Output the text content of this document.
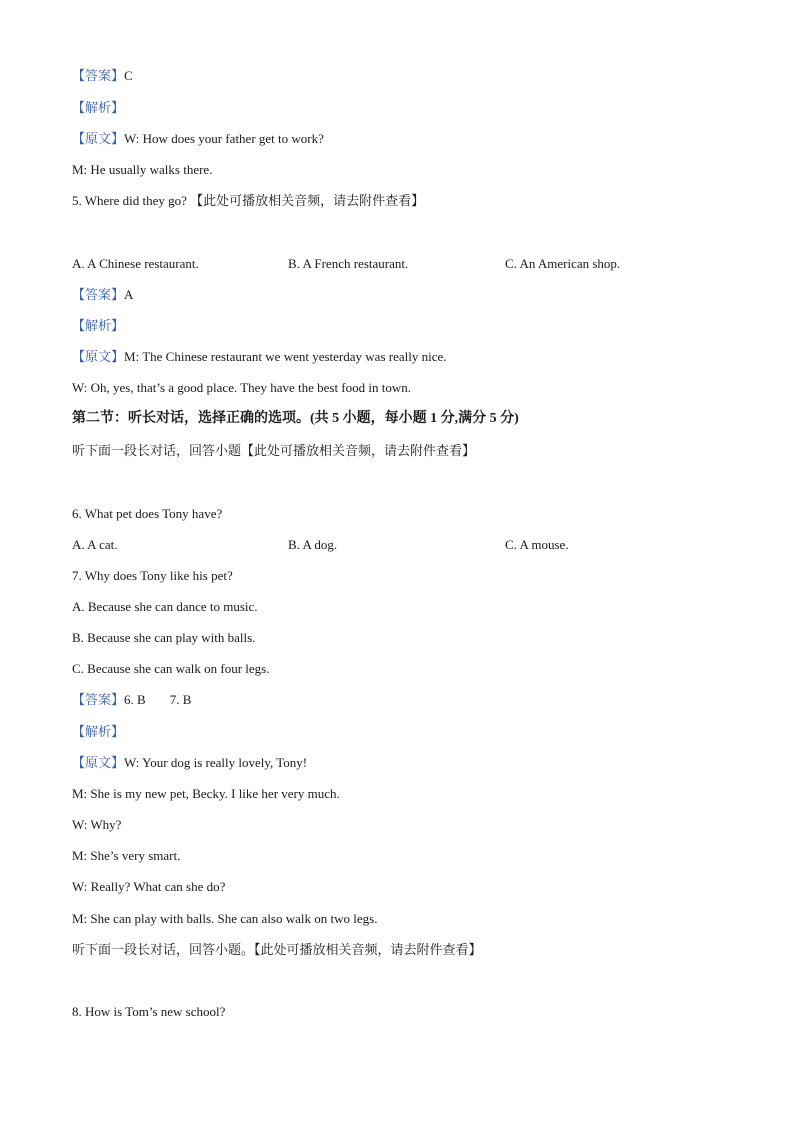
【答案】C
【解析】
【原文】W: How does your father get to work?
M: He usually walks there.
5. Where did they go? 【此处可播放相关音频，请去附件查看】
A. A Chinese restaurant.	B. A French restaurant.	C. An American shop.
【答案】A
【解析】
【原文】M: The Chinese restaurant we went yesterday was really nice.
W: Oh, yes, that’s a good place. They have the best food in town.
第二节：听长对话，选择正确的选项。(共 5 小题，每小题 1 分,满分 5 分)
听下面一段长对话，回答小题【此处可播放相关音频，请去附件查看】
6. What pet does Tony have?
A. A cat.	B. A dog.	C. A mouse.
7. Why does Tony like his pet?
A. Because she can dance to music.
B. Because she can play with balls.
C. Because she can walk on four legs.
【答案】6. B 7. B
【解析】
【原文】W: Your dog is really lovely, Tony!
M: She is my new pet, Becky. I like her very much.
W: Why?
M: She’s very smart.
W: Really? What can she do?
M: She can play with balls. She can also walk on two legs.
听下面一段长对话，回答小题。【此处可播放相关音频，请去附件查看】
8. How is Tom’s new school?
